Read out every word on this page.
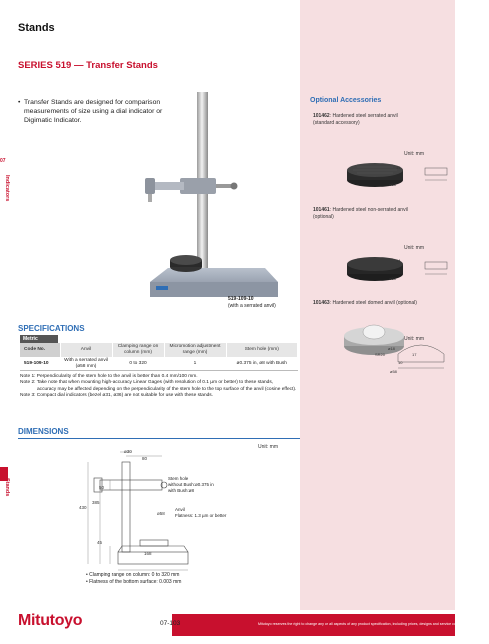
Stands
SERIES 519 — Transfer Stands
• Transfer Stands are designed for comparison measurements of size using a dial indicator or Digimatic Indicator.
07
Indicators
519-109-10
(with a serrated anvil)
Optional Accessories
101462: Hardened steel serrated anvil
(standard accessory)
Unit: mm
14
ø58
101461: Hardened steel non-serrated anvil
(optional)
Unit: mm
14
ø58
101463: Hardened steel domed anvil (optional)
Unit: mm
ø18
SR20
10
17
ø58
SPECIFICATIONS
Metric
Code No.	Anvil	Clamping range on column (mm)	Micromotion adjustment range (mm)	Stem hole (mm)
519-109-10	With a serrated anvil (ø58 mm)	0 to 320	1	ø0.375 in, ø8 with Bush
Note 1: Perpendicularity of the stem hole to the anvil is better than 0.4 mm/100 mm.
Note 2: Take note that when mounting high-accuracy Linear Gages (with resolution of 0.1 µm or better) to these stands,
accuracy may be affected depending on the perpendicularity of the stem hole to the top surface of the anvil (cosine effect).
Note 3: Compact dial indicators (bezel ø31, ø36) are not suitable for use with these stands.
DIMENSIONS
Unit: mm
Stands
ø30
80
Stem hole
without Bush:ø0.375 in
with Bush:ø8
ø58
Anvil
Flatness: 1.3 µm or better
430
385
50
45
168
• Clamping range on column: 0 to 320 mm
• Flatness of the bottom surface: 0.003 mm
Mitutoyo	07-103	Mitutoyo reserves the right to change any or all aspects of any product specification, including prices, designs and service content, without notice.
